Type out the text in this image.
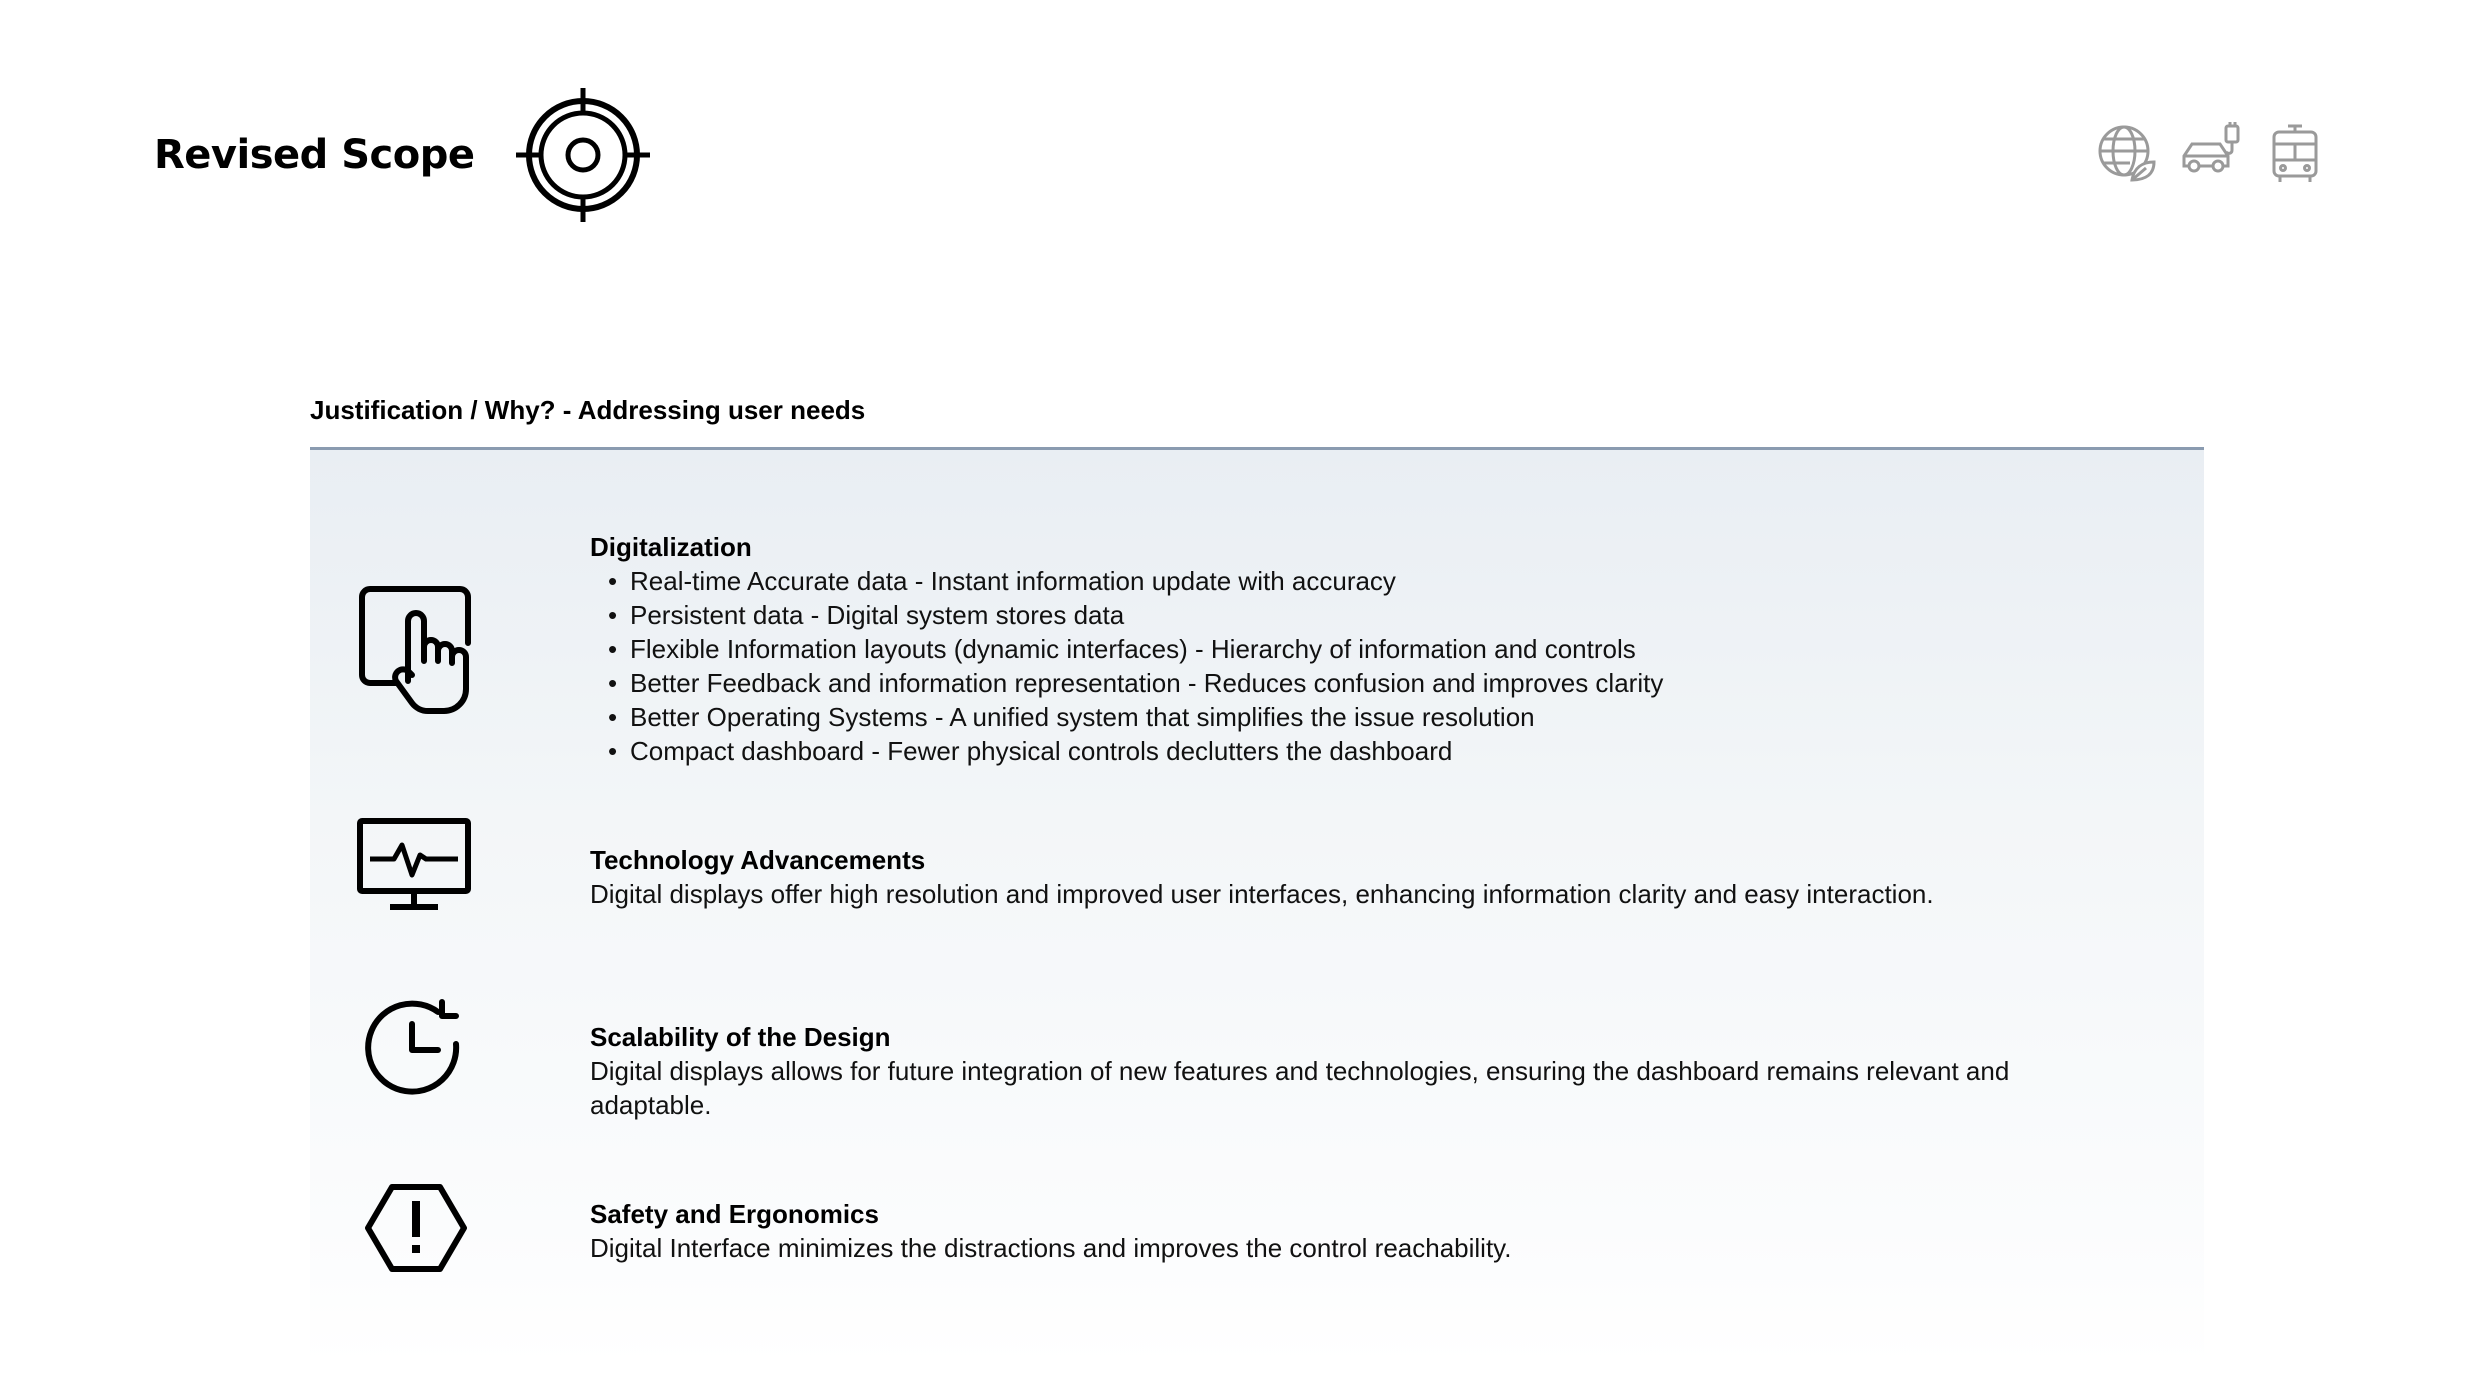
Revised Scope
Justification / Why? - Addressing user needs
Digitalization
• Real-time Accurate data - Instant information update with accuracy
• Persistent data - Digital system stores data
• Flexible Information layouts (dynamic interfaces) - Hierarchy of information and controls
• Better Feedback and information representation - Reduces confusion and improves clarity
• Better Operating Systems - A unified system that simplifies the issue resolution
• Compact dashboard - Fewer physical controls declutters the dashboard
Technology Advancements
Digital displays offer high resolution and improved user interfaces, enhancing information clarity and easy interaction.
Scalability of the Design
Digital displays allows for future integration of new features and technologies, ensuring the dashboard remains relevant and adaptable.
Safety and Ergonomics
Digital Interface minimizes the distractions and improves the control reachability.
